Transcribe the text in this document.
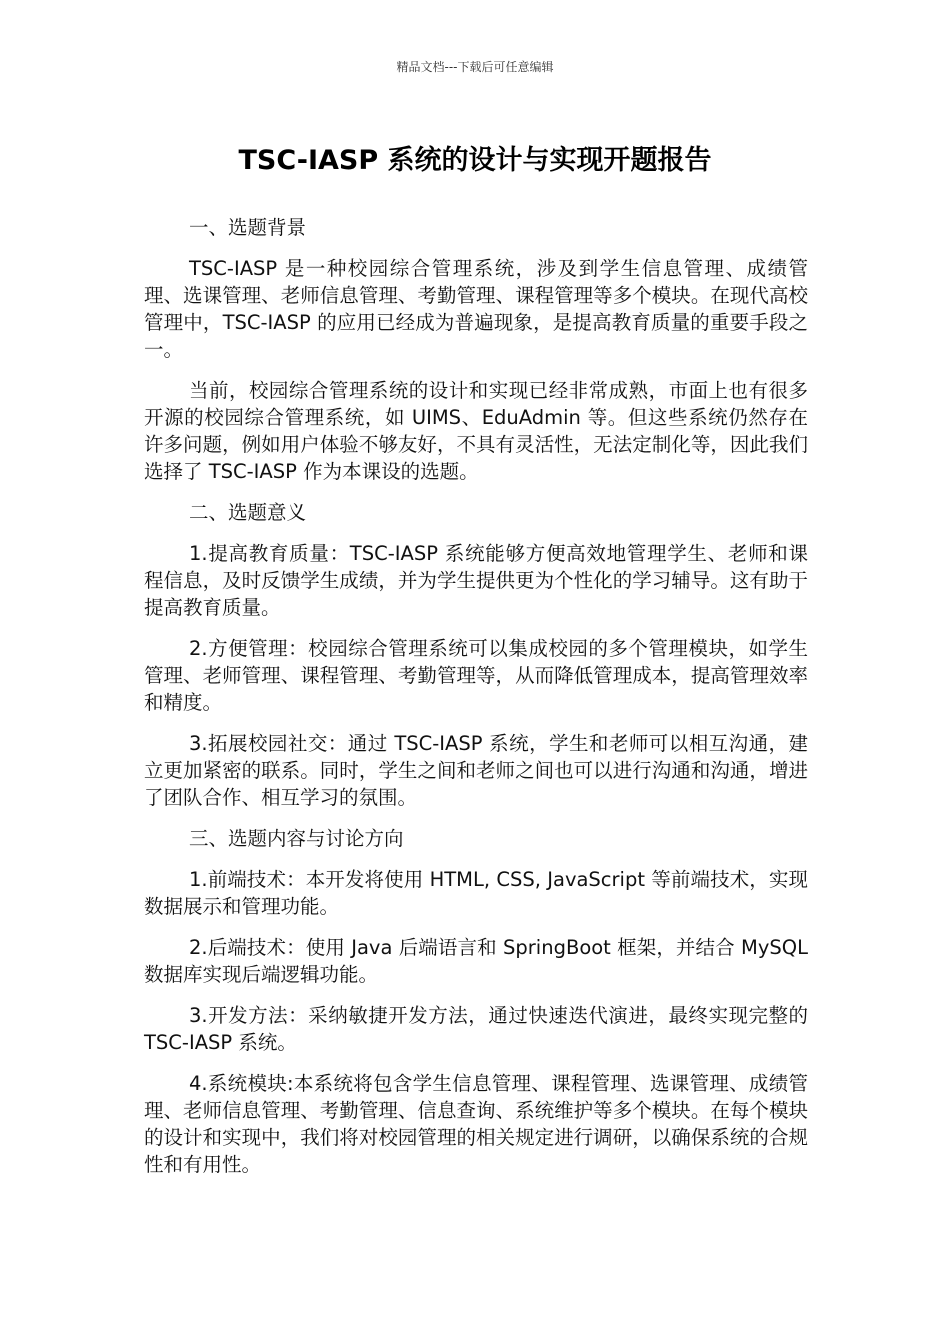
精品文档---下载后可任意编辑
TSC-IASP 系统的设计与实现开题报告

一、选题背景

TSC-IASP 是一种校园综合管理系统，涉及到学生信息管理、成绩管理、选课管理、老师信息管理、考勤管理、课程管理等多个模块。在现代高校管理中，TSC-IASP 的应用已经成为普遍现象，是提高教育质量的重要手段之一。

当前，校园综合管理系统的设计和实现已经非常成熟，市面上也有很多开源的校园综合管理系统，如 UIMS、EduAdmin 等。但这些系统仍然存在许多问题，例如用户体验不够友好，不具有灵活性，无法定制化等，因此我们选择了 TSC-IASP 作为本课设的选题。

二、选题意义

1.提高教育质量：TSC-IASP 系统能够方便高效地管理学生、老师和课程信息，及时反馈学生成绩，并为学生提供更为个性化的学习辅导。这有助于提高教育质量。

2.方便管理：校园综合管理系统可以集成校园的多个管理模块，如学生管理、老师管理、课程管理、考勤管理等，从而降低管理成本，提高管理效率和精度。

3.拓展校园社交：通过 TSC-IASP 系统，学生和老师可以相互沟通，建立更加紧密的联系。同时，学生之间和老师之间也可以进行沟通和沟通，增进了团队合作、相互学习的氛围。

三、选题内容与讨论方向

1.前端技术：本开发将使用 HTML, CSS, JavaScript 等前端技术，实现数据展示和管理功能。

2.后端技术：使用 Java 后端语言和 SpringBoot 框架，并结合 MySQL 数据库实现后端逻辑功能。

3.开发方法：采纳敏捷开发方法，通过快速迭代演进，最终实现完整的 TSC-IASP 系统。

4.系统模块:本系统将包含学生信息管理、课程管理、选课管理、成绩管理、老师信息管理、考勤管理、信息查询、系统维护等多个模块。在每个模块的设计和实现中，我们将对校园管理的相关规定进行调研，以确保系统的合规性和有用性。
